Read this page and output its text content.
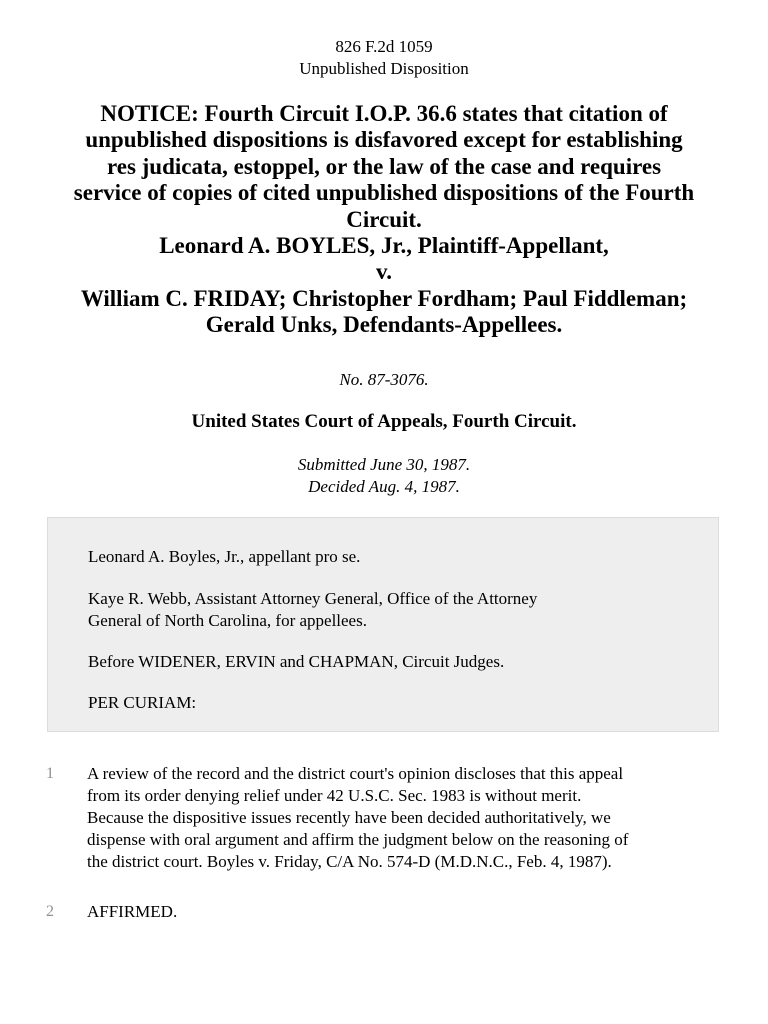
826 F.2d 1059
Unpublished Disposition
NOTICE: Fourth Circuit I.O.P. 36.6 states that citation of
unpublished dispositions is disfavored except for establishing
res judicata, estoppel, or the law of the case and requires
service of copies of cited unpublished dispositions of the Fourth
Circuit.
Leonard A. BOYLES, Jr., Plaintiff-Appellant,
v.
William C. FRIDAY; Christopher Fordham; Paul Fiddleman;
Gerald Unks, Defendants-Appellees.
No. 87-3076.
United States Court of Appeals, Fourth Circuit.
Submitted June 30, 1987.
Decided Aug. 4, 1987.

Leonard A. Boyles, Jr., appellant pro se.

Kaye R. Webb, Assistant Attorney General, Office of the Attorney
General of North Carolina, for appellees.

Before WIDENER, ERVIN and CHAPMAN, Circuit Judges.

PER CURIAM:

1 A review of the record and the district court's opinion discloses that this appeal
from its order denying relief under 42 U.S.C. Sec. 1983 is without merit.
Because the dispositive issues recently have been decided authoritatively, we
dispense with oral argument and affirm the judgment below on the reasoning of
the district court. Boyles v. Friday, C/A No. 574-D (M.D.N.C., Feb. 4, 1987).
2 AFFIRMED.
